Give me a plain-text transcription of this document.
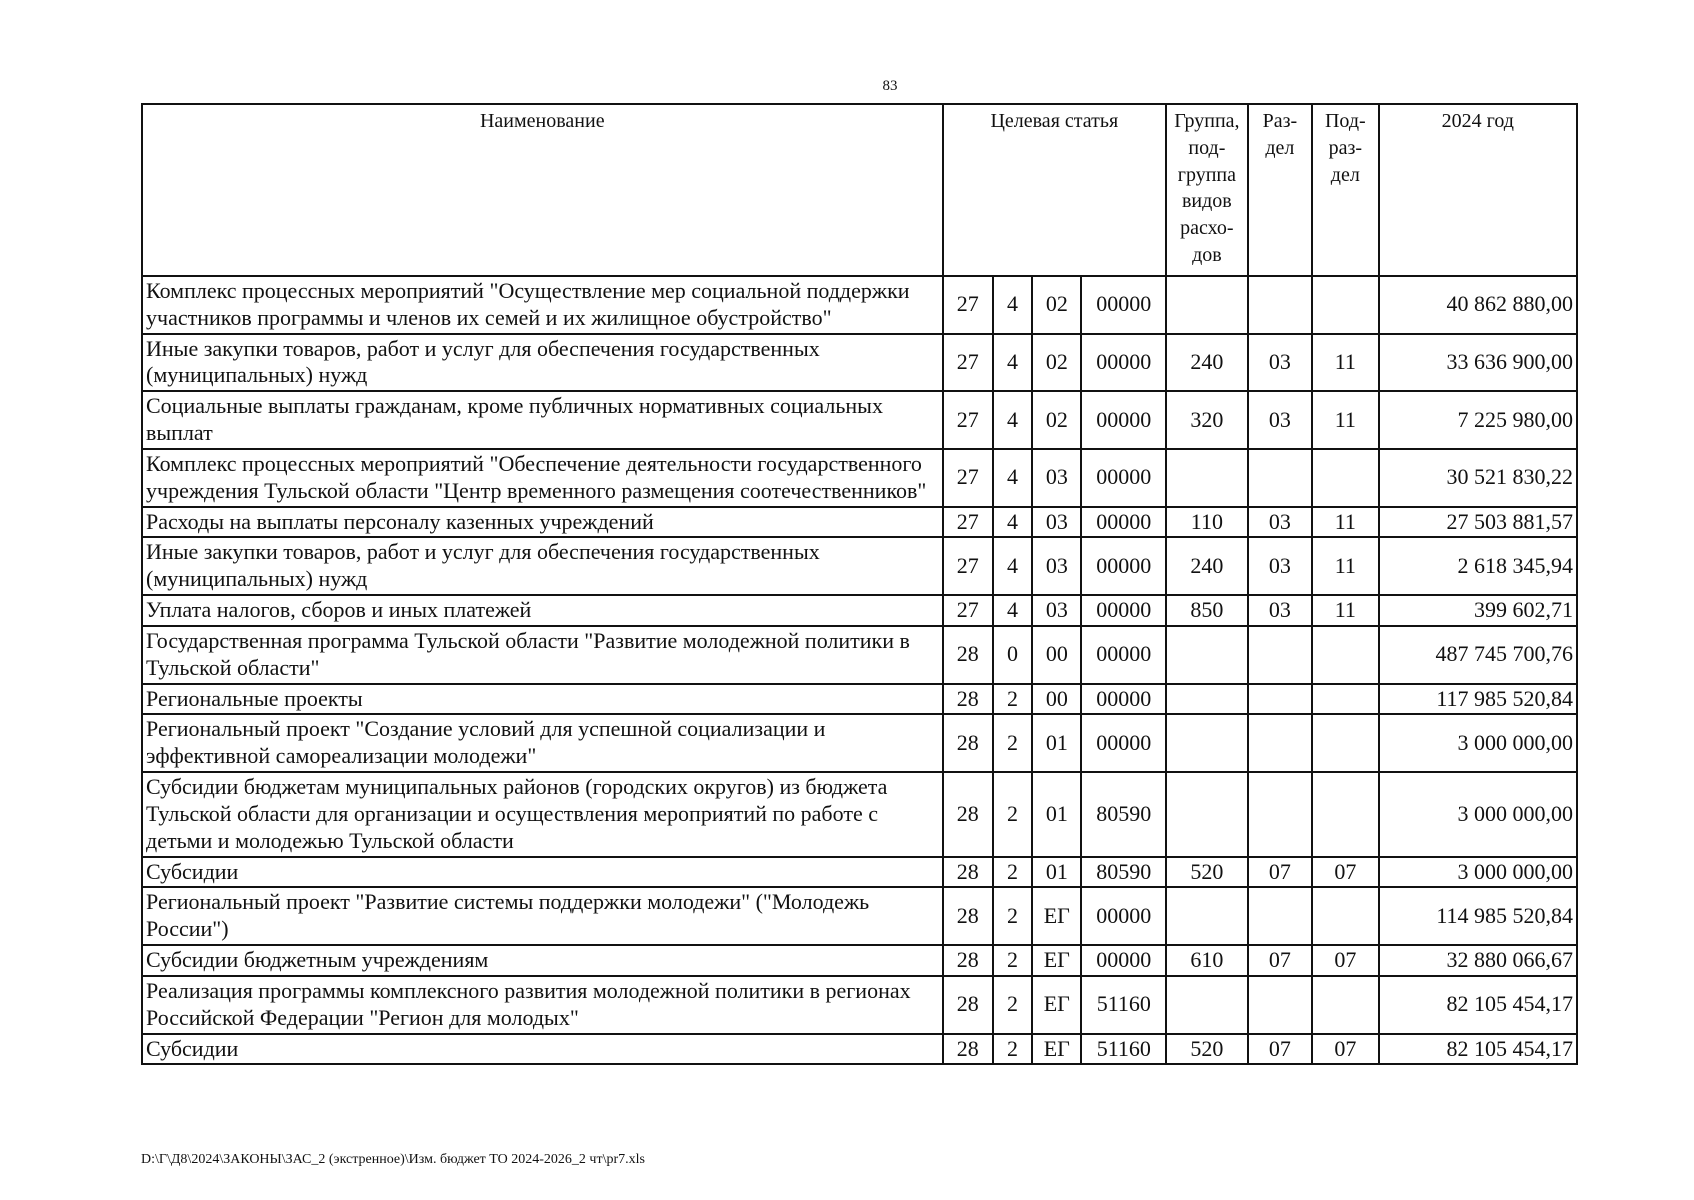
83
Наименование	Целевая статья				Группа, под- группа видов расхо- дов	Раз- дел	Под- раз- дел	2024 год
Комплекс процессных мероприятий "Осуществление мер социальной поддержки участников программы и членов их семей и их жилищное обустройство"	27	4	02	00000				40 862 880,00
Иные закупки товаров, работ и услуг для обеспечения государственных (муниципальных) нужд	27	4	02	00000	240	03	11	33 636 900,00
Социальные выплаты гражданам, кроме публичных нормативных социальных выплат	27	4	02	00000	320	03	11	7 225 980,00
Комплекс процессных мероприятий "Обеспечение деятельности государственного учреждения Тульской области "Центр временного размещения соотечественников"	27	4	03	00000				30 521 830,22
Расходы на выплаты персоналу казенных учреждений	27	4	03	00000	110	03	11	27 503 881,57
Иные закупки товаров, работ и услуг для обеспечения государственных (муниципальных) нужд	27	4	03	00000	240	03	11	2 618 345,94
Уплата налогов, сборов и иных платежей	27	4	03	00000	850	03	11	399 602,71
Государственная программа Тульской области "Развитие молодежной политики в Тульской области"	28	0	00	00000				487 745 700,76
Региональные проекты	28	2	00	00000				117 985 520,84
Региональный проект "Создание условий для успешной социализации и эффективной самореализации молодежи"	28	2	01	00000				3 000 000,00
Субсидии бюджетам муниципальных районов (городских округов) из бюджета Тульской области для организации и осуществления мероприятий по работе с детьми и молодежью Тульской области	28	2	01	80590				3 000 000,00
Субсидии	28	2	01	80590	520	07	07	3 000 000,00
Региональный проект "Развитие системы поддержки молодежи" ("Молодежь России")	28	2	ЕГ	00000				114 985 520,84
Субсидии бюджетным учреждениям	28	2	ЕГ	00000	610	07	07	32 880 066,67
Реализация программы комплексного развития молодежной политики в регионах Российской Федерации "Регион для молодых"	28	2	ЕГ	51160				82 105 454,17
Субсидии	28	2	ЕГ	51160	520	07	07	82 105 454,17
D:\Г\Д8\2024\ЗАКОНЫ\ЗАС_2 (экстренное)\Изм. бюджет ТО 2024-2026_2 чт\pr7.xls
